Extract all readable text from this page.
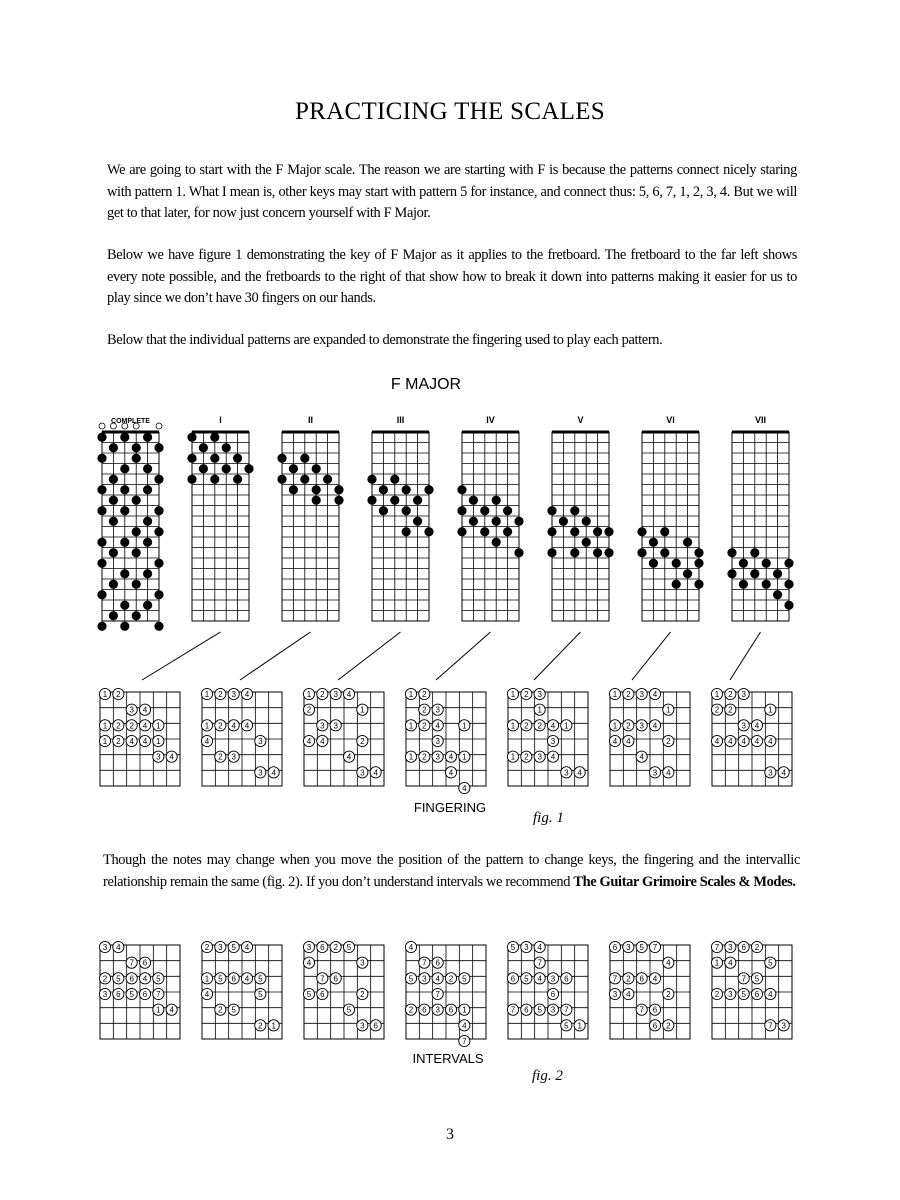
PRACTICING THE SCALES

We are going to start with the F Major scale. The reason we are starting with F is because the patterns connect nicely staring with pattern 1. What I mean is, other keys may start with pattern 5 for instance, and connect thus: 5, 6, 7, 1, 2, 3, 4. But we will get to that later, for now just concern yourself with F Major.

Below we have figure 1 demonstrating the key of F Major as it applies to the fretboard. The fretboard to the far left shows every note possible, and the fretboards to the right of that show how to break it down into patterns making it easier for us to play since we don’t have 30 fingers on our hands.

Below that the individual patterns are expanded to demonstrate the fingering used to play each pattern.

F MAJOR
COMPLETE	I	II	III	IV	V	VI	VII
1 2
3 4
1 2 2 4 1
1 2 4 4 1
3 4
1 2 3 4
1 2 4 4
4	3
2 3
3 4
1 2 3 4
2	1
3 3
4 4	2
4
3 4
1 2
2 3
1 2 4	1
3
1 2 3 4 1
4
4
1 2 3
1
1 2 2 4 1
3
1 2 3 4
3 4
1 2 3 4
1
1 2 3 4
4 4	2
4
3 4
1 2 3
2 2	1
3 4
4 4 4 4 4
3 4
3 4
7 6
2 5 6 4 5
3 6 5 6 7
1 4
2 3 5 4
1 5 6 4 5
4	5
2 5
2 1
3 6 2 5
4	3
7 6
5 6	2
5
3 6
4
7 6
5 3 4 2 5
7
2 6 3 6 1
4
7
5 3 4
7
6 5 4 3 6
6
7 6 5 3 7
5 1
6 3 5 7
4
7 2 6 4
3 4	2
7 6
6 2
7 3 6 2
1 4	5
7 5
2 3 5 6 4
7 3
FINGERING
fig. 1

Though the notes may change when you move the position of the pattern to change keys, the fingering and the intervallic relationship remain the same (fig. 2). If you don’t understand intervals we recommend The Guitar Grimoire Scales & Modes.

INTERVALS
fig. 2
3
